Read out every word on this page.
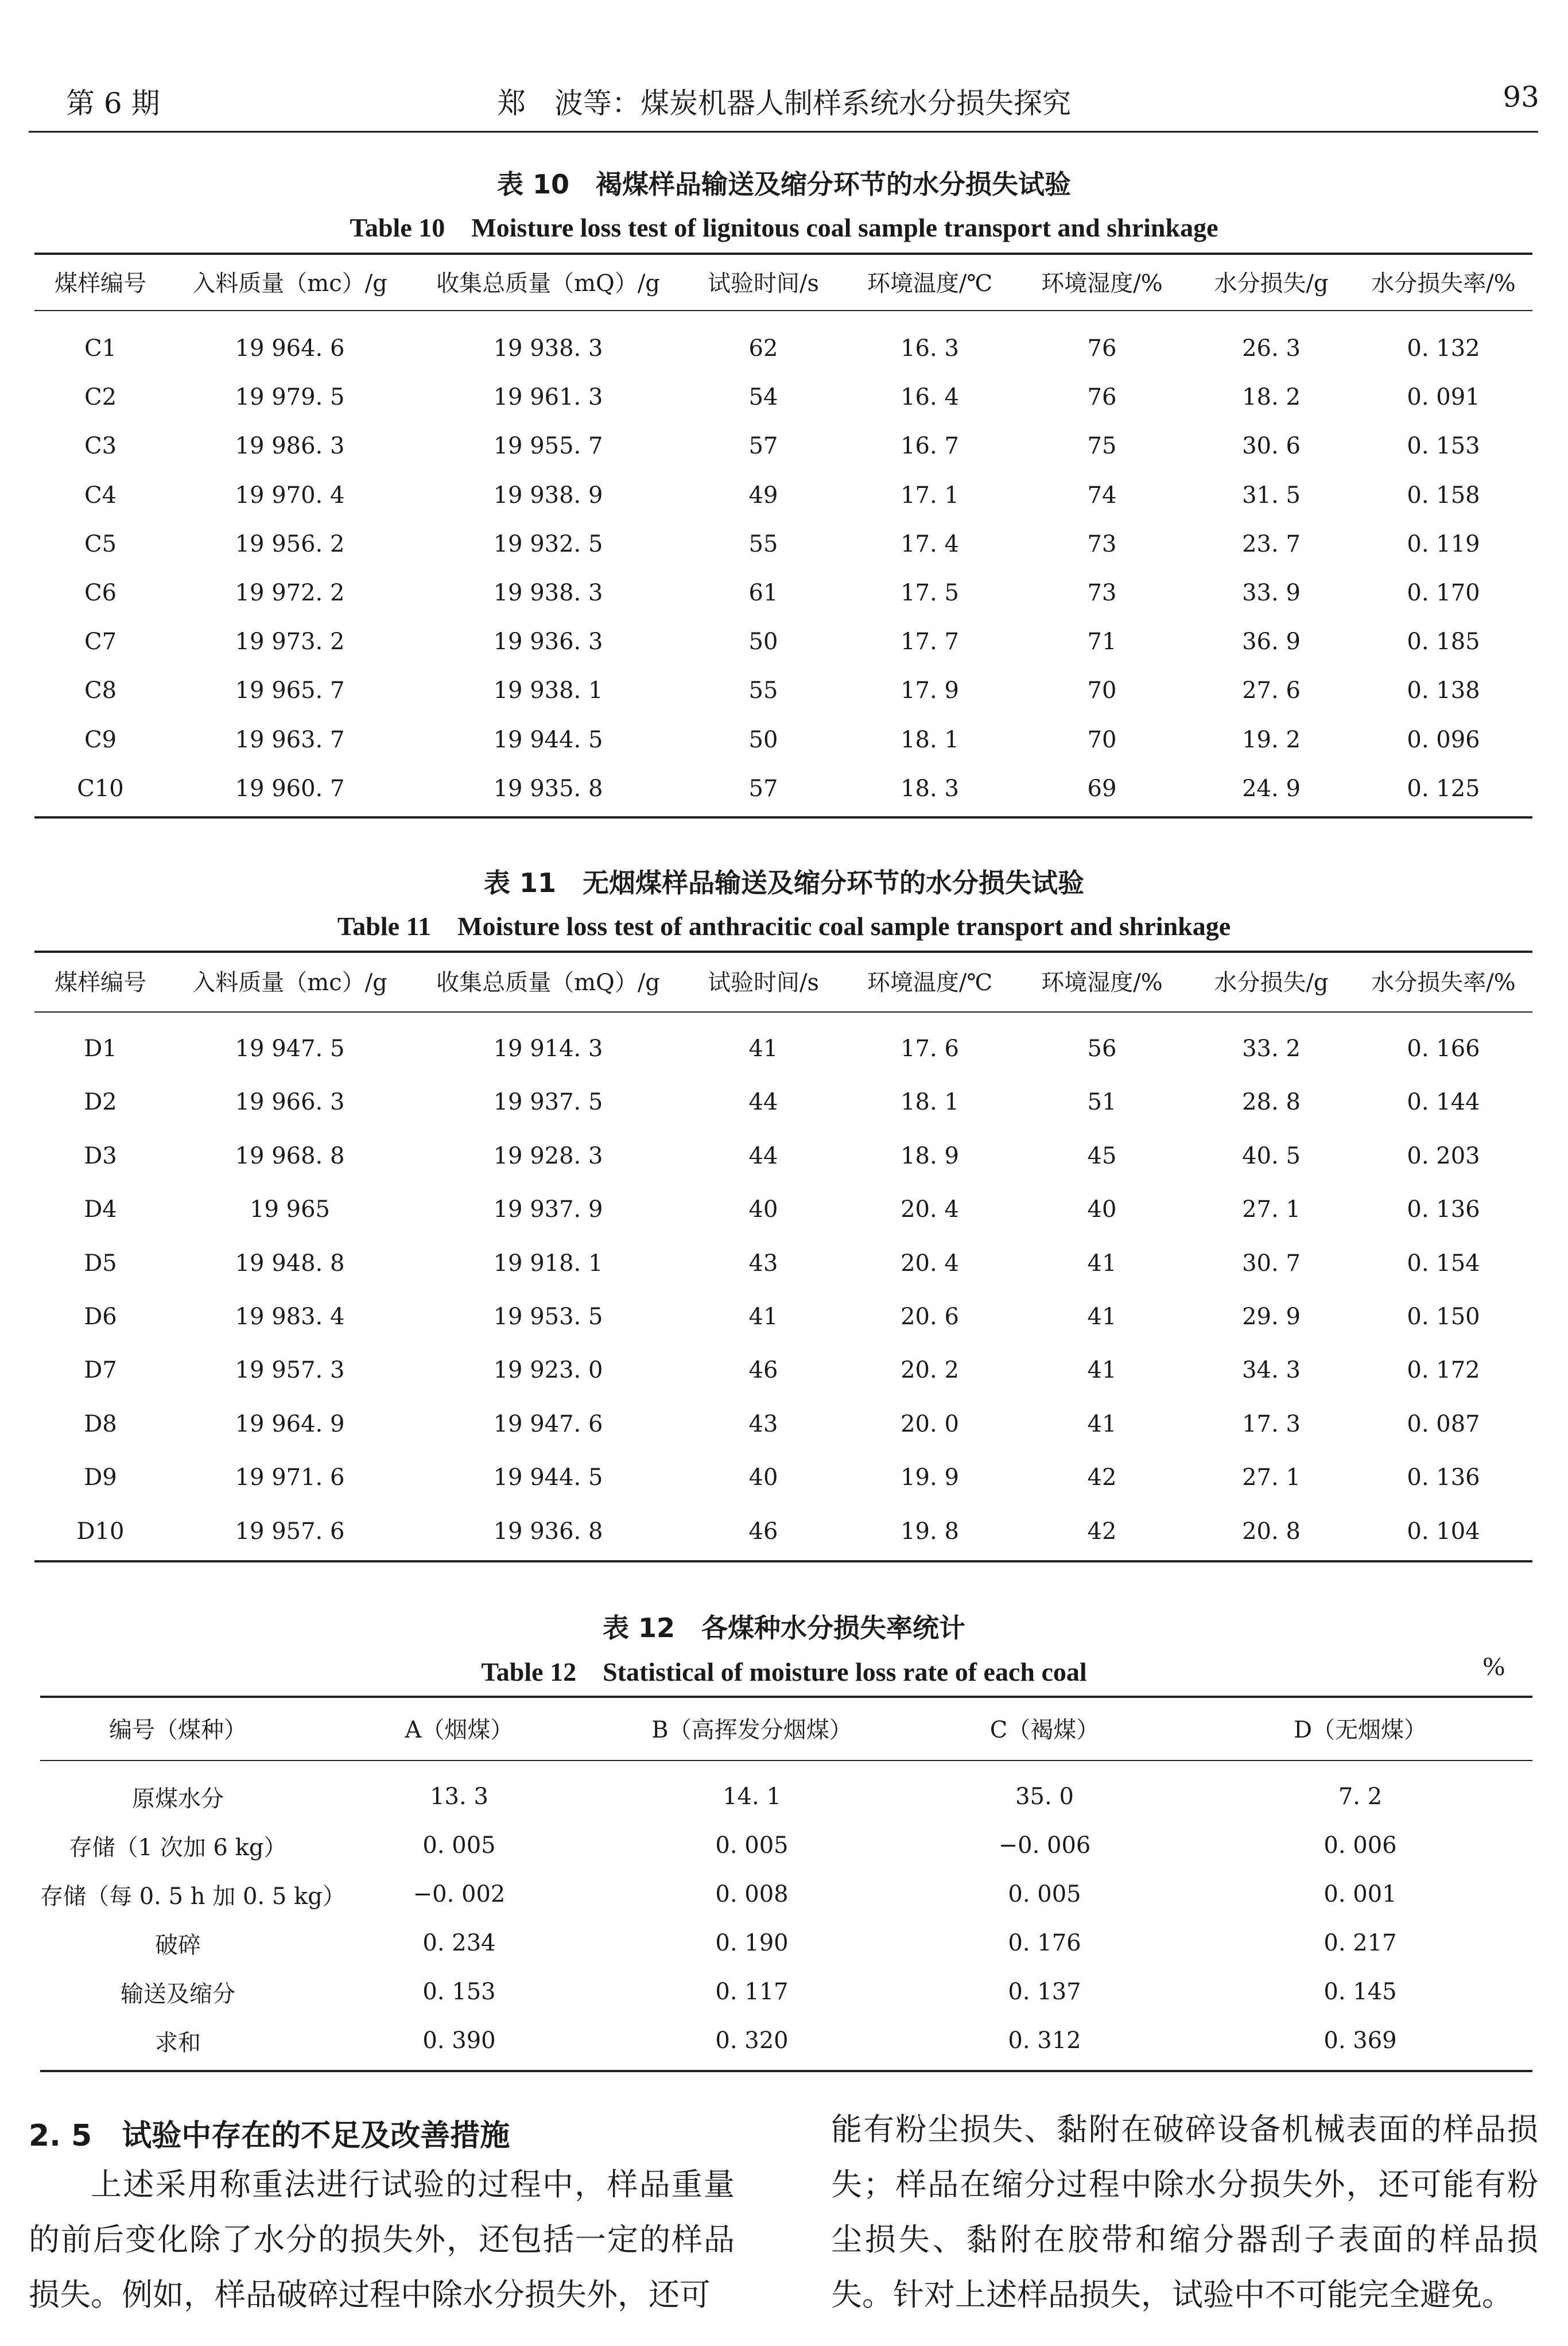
第 6 期	郑　波等：煤炭机器人制样系统水分损失探究	93
表 10　褐煤样品输送及缩分环节的水分损失试验
Table 10　Moisture loss test of lignitous coal sample transport and shrinkage
煤样编号	入料质量（mc）/g	收集总质量（mQ）/g	试验时间/s	环境温度/℃	环境湿度/%	水分损失/g	水分损失率/%
C1	19 964. 6	19 938. 3	62	16. 3	76	26. 3	0. 132
C2	19 979. 5	19 961. 3	54	16. 4	76	18. 2	0. 091
C3	19 986. 3	19 955. 7	57	16. 7	75	30. 6	0. 153
C4	19 970. 4	19 938. 9	49	17. 1	74	31. 5	0. 158
C5	19 956. 2	19 932. 5	55	17. 4	73	23. 7	0. 119
C6	19 972. 2	19 938. 3	61	17. 5	73	33. 9	0. 170
C7	19 973. 2	19 936. 3	50	17. 7	71	36. 9	0. 185
C8	19 965. 7	19 938. 1	55	17. 9	70	27. 6	0. 138
C9	19 963. 7	19 944. 5	50	18. 1	70	19. 2	0. 096
C10	19 960. 7	19 935. 8	57	18. 3	69	24. 9	0. 125
表 11　无烟煤样品输送及缩分环节的水分损失试验
Table 11　Moisture loss test of anthracitic coal sample transport and shrinkage
煤样编号	入料质量（mc）/g	收集总质量（mQ）/g	试验时间/s	环境温度/℃	环境湿度/%	水分损失/g	水分损失率/%
D1	19 947. 5	19 914. 3	41	17. 6	56	33. 2	0. 166
D2	19 966. 3	19 937. 5	44	18. 1	51	28. 8	0. 144
D3	19 968. 8	19 928. 3	44	18. 9	45	40. 5	0. 203
D4	19 965	19 937. 9	40	20. 4	40	27. 1	0. 136
D5	19 948. 8	19 918. 1	43	20. 4	41	30. 7	0. 154
D6	19 983. 4	19 953. 5	41	20. 6	41	29. 9	0. 150
D7	19 957. 3	19 923. 0	46	20. 2	41	34. 3	0. 172
D8	19 964. 9	19 947. 6	43	20. 0	41	17. 3	0. 087
D9	19 971. 6	19 944. 5	40	19. 9	42	27. 1	0. 136
D10	19 957. 6	19 936. 8	46	19. 8	42	20. 8	0. 104
表 12　各煤种水分损失率统计
Table 12　Statistical of moisture loss rate of each coal	%
编号（煤种）	A（烟煤）	B（高挥发分烟煤）	C（褐煤）	D（无烟煤）
原煤水分	13. 3	14. 1	35. 0	7. 2
存储（1 次加 6 kg）	0. 005	0. 005	−0. 006	0. 006
存储（每 0. 5 h 加 0. 5 kg）	−0. 002	0. 008	0. 005	0. 001
破碎	0. 234	0. 190	0. 176	0. 217
输送及缩分	0. 153	0. 117	0. 137	0. 145
求和	0. 390	0. 320	0. 312	0. 369
2. 5　试验中存在的不足及改善措施
上述采用称重法进行试验的过程中，样品重量的前后变化除了水分的损失外，还包括一定的样品损失。例如，样品破碎过程中除水分损失外，还可
能有粉尘损失、黏附在破碎设备机械表面的样品损失；样品在缩分过程中除水分损失外，还可能有粉尘损失、黏附在胶带和缩分器刮子表面的样品损失。针对上述样品损失，试验中不可能完全避免。
